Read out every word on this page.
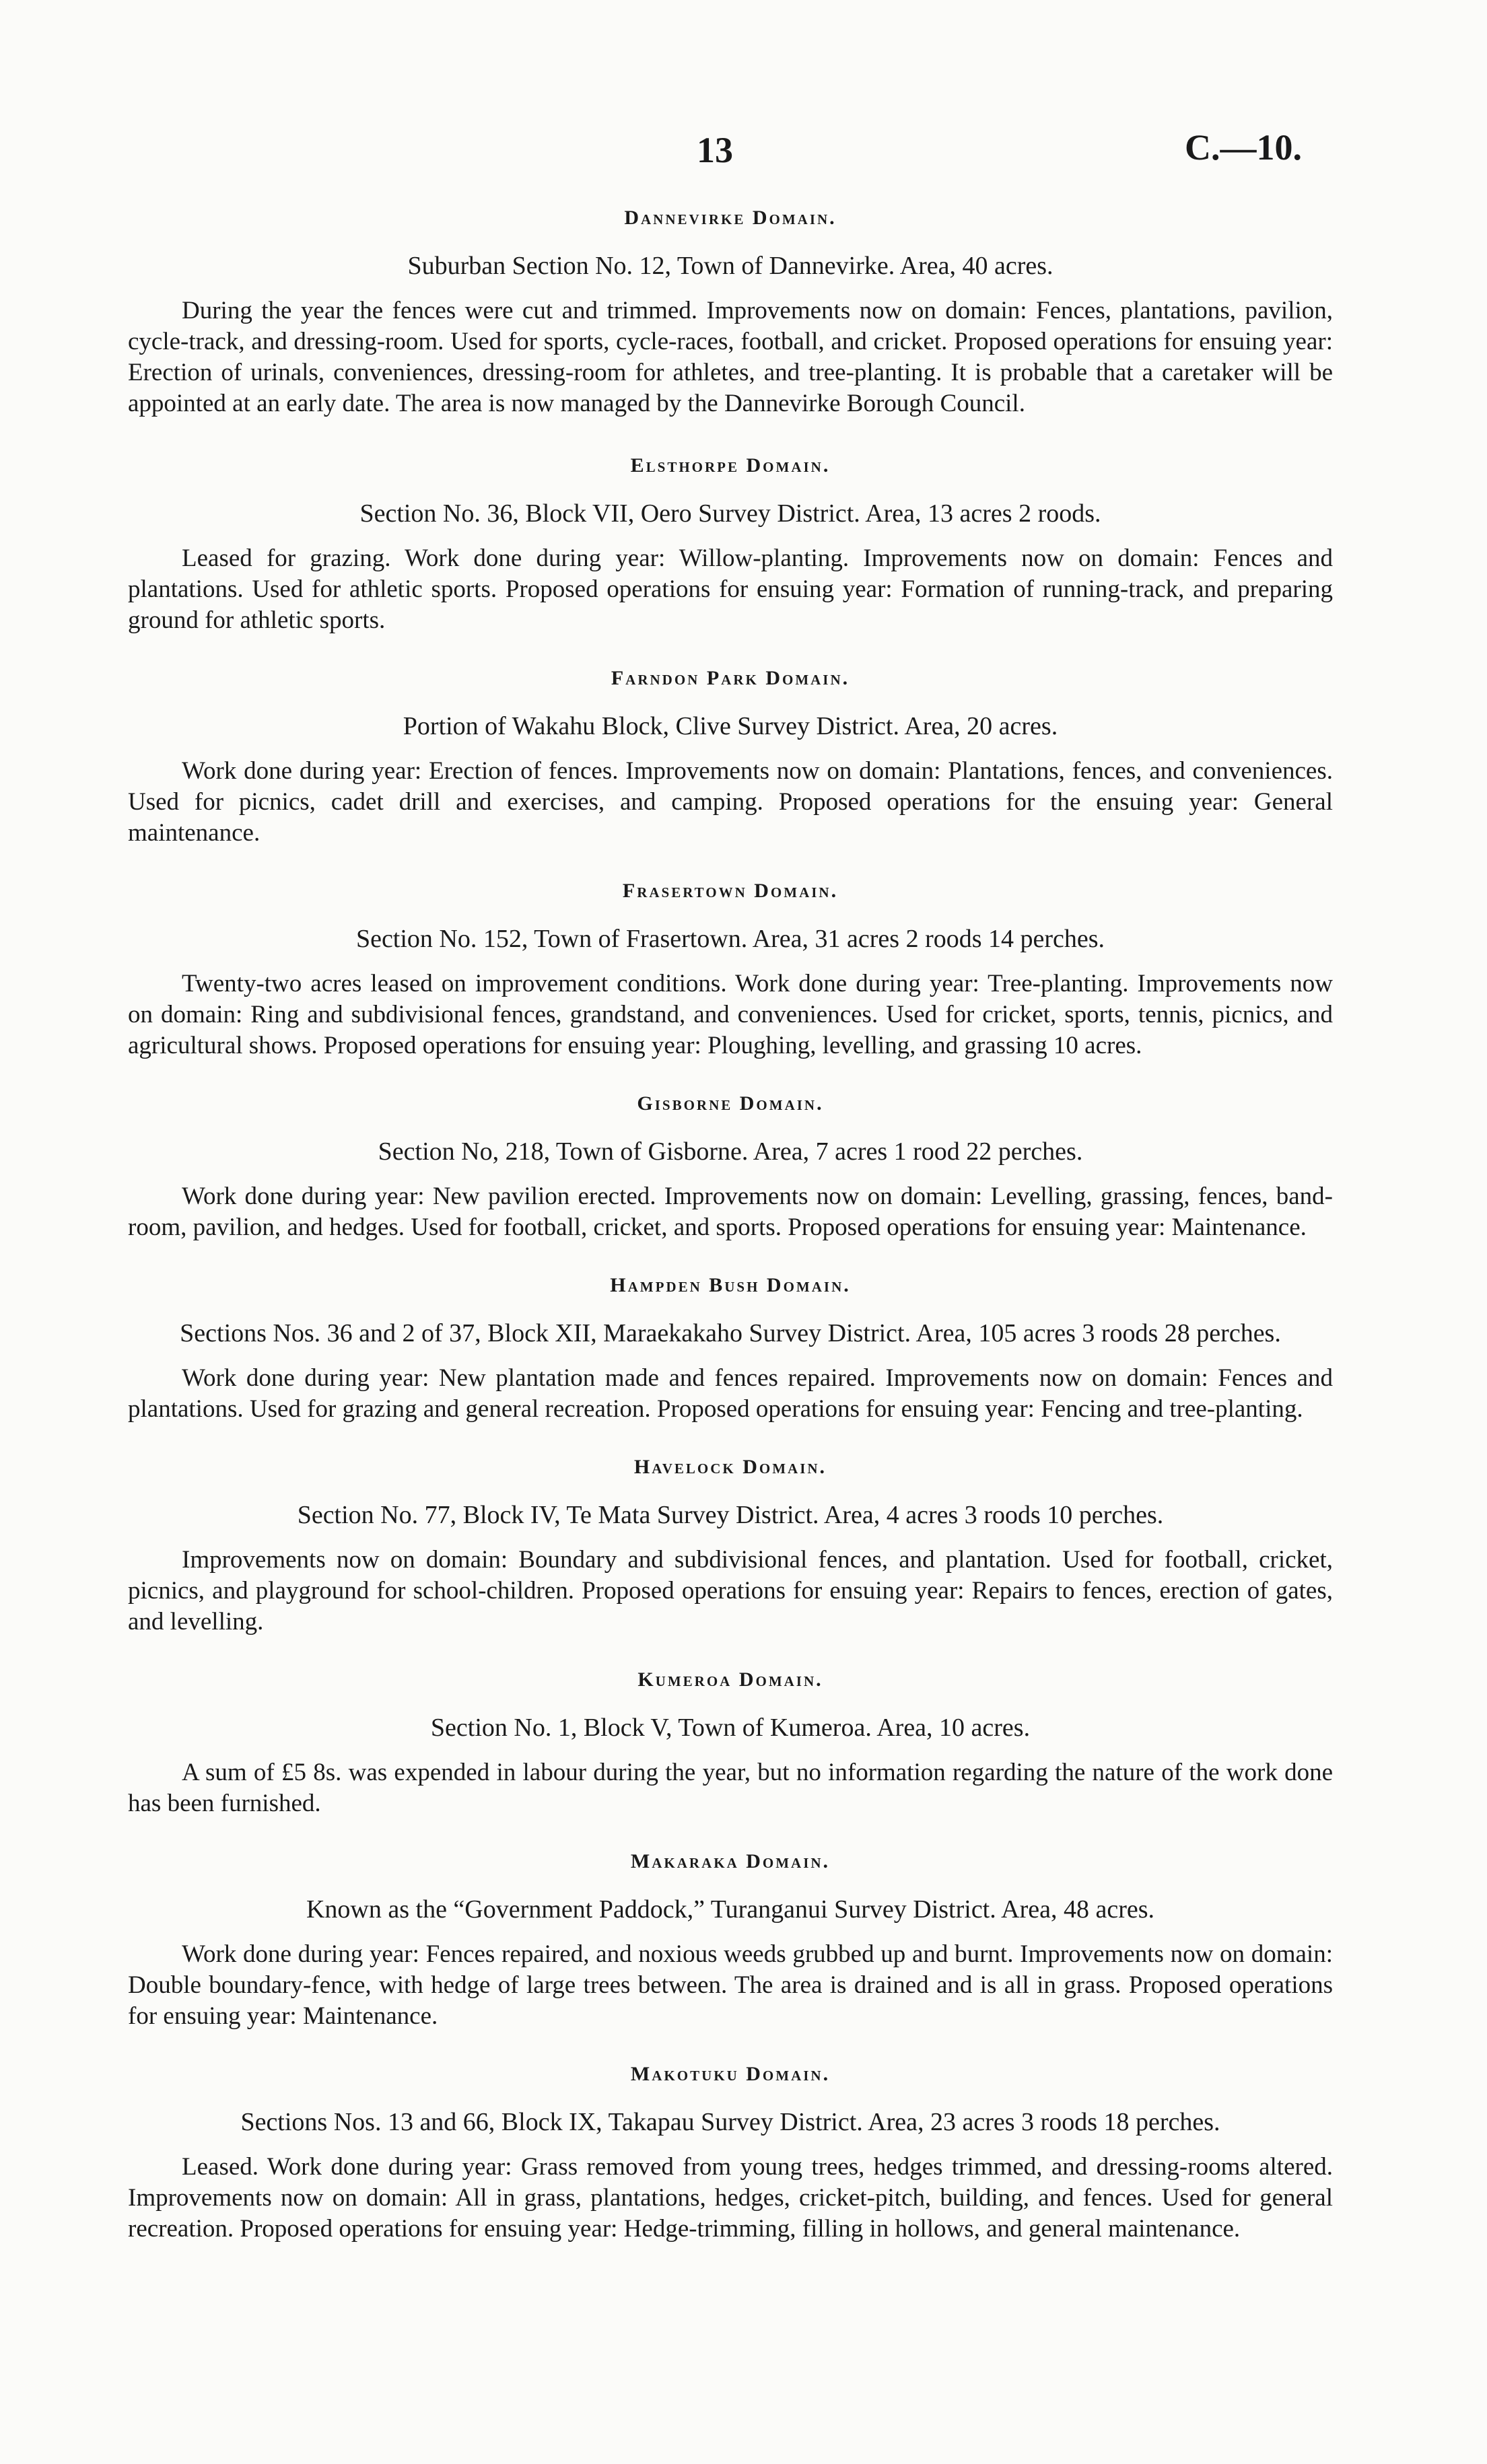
13	C.—10.
Dannevirke Domain.
Suburban Section No. 12, Town of Dannevirke. Area, 40 acres.

During the year the fences were cut and trimmed. Improvements now on domain: Fences, plantations, pavilion, cycle-track, and dressing-room. Used for sports, cycle-races, football, and cricket. Proposed operations for ensuing year: Erection of urinals, conveniences, dressing-room for athletes, and tree-planting. It is probable that a caretaker will be appointed at an early date. The area is now managed by the Dannevirke Borough Council.

Elsthorpe Domain.
Section No. 36, Block VII, Oero Survey District. Area, 13 acres 2 roods.

Leased for grazing. Work done during year: Willow-planting. Improvements now on domain: Fences and plantations. Used for athletic sports. Proposed operations for ensuing year: Formation of running-track, and preparing ground for athletic sports.

Farndon Park Domain.
Portion of Wakahu Block, Clive Survey District. Area, 20 acres.

Work done during year: Erection of fences. Improvements now on domain: Plantations, fences, and conveniences. Used for picnics, cadet drill and exercises, and camping. Proposed operations for the ensuing year: General maintenance.

Frasertown Domain.
Section No. 152, Town of Frasertown. Area, 31 acres 2 roods 14 perches.

Twenty-two acres leased on improvement conditions. Work done during year: Tree-planting. Improvements now on domain: Ring and subdivisional fences, grandstand, and conveniences. Used for cricket, sports, tennis, picnics, and agricultural shows. Proposed operations for ensuing year: Ploughing, levelling, and grassing 10 acres.

Gisborne Domain.
Section No, 218, Town of Gisborne. Area, 7 acres 1 rood 22 perches.

Work done during year: New pavilion erected. Improvements now on domain: Levelling, grassing, fences, band-room, pavilion, and hedges. Used for football, cricket, and sports. Proposed operations for ensuing year: Maintenance.

Hampden Bush Domain.
Sections Nos. 36 and 2 of 37, Block XII, Maraekakaho Survey District. Area, 105 acres 3 roods 28 perches.

Work done during year: New plantation made and fences repaired. Improvements now on domain: Fences and plantations. Used for grazing and general recreation. Proposed operations for ensuing year: Fencing and tree-planting.

Havelock Domain.
Section No. 77, Block IV, Te Mata Survey District. Area, 4 acres 3 roods 10 perches.

Improvements now on domain: Boundary and subdivisional fences, and plantation. Used for football, cricket, picnics, and playground for school-children. Proposed operations for ensuing year: Repairs to fences, erection of gates, and levelling.

Kumeroa Domain.
Section No. 1, Block V, Town of Kumeroa. Area, 10 acres.

A sum of £5 8s. was expended in labour during the year, but no information regarding the nature of the work done has been furnished.

Makaraka Domain.
Known as the “Government Paddock,” Turanganui Survey District. Area, 48 acres.

Work done during year: Fences repaired, and noxious weeds grubbed up and burnt. Improvements now on domain: Double boundary-fence, with hedge of large trees between. The area is drained and is all in grass. Proposed operations for ensuing year: Maintenance.

Makotuku Domain.
Sections Nos. 13 and 66, Block IX, Takapau Survey District. Area, 23 acres 3 roods 18 perches.

Leased. Work done during year: Grass removed from young trees, hedges trimmed, and dressing-rooms altered. Improvements now on domain: All in grass, plantations, hedges, cricket-pitch, building, and fences. Used for general recreation. Proposed operations for ensuing year: Hedge-trimming, filling in hollows, and general maintenance.
